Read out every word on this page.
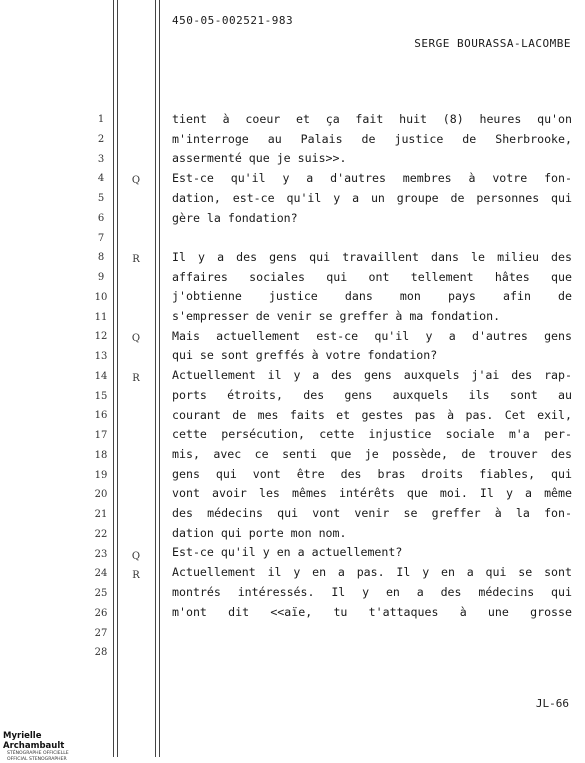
450-05-002521-983
SERGE BOURASSA-LACOMBE
1	tient à coeur et ça fait huit (8) heures qu'on
2	m'interroge au Palais de justice de Sherbrooke,
3	assermenté que je suis>>.
4	Q	Est-ce qu'il y a d'autres membres à votre fon-
5	dation, est-ce qu'il y a un groupe de personnes qui
6	gère la fondation?
7
8	R	Il y a des gens qui travaillent dans le milieu des
9	affaires sociales qui ont tellement hâtes que
10	j'obtienne justice dans mon pays afin de
11	s'empresser de venir se greffer à ma fondation.
12	Q	Mais actuellement est-ce qu'il y a d'autres gens
13	qui se sont greffés à votre fondation?
14	R	Actuellement il y a des gens auxquels j'ai des rap-
15	ports étroits, des gens auxquels ils sont au
16	courant de mes faits et gestes pas à pas. Cet exil,
17	cette persécution, cette injustice sociale m'a per-
18	mis, avec ce senti que je possède, de trouver des
19	gens qui vont être des bras droits fiables, qui
20	vont avoir les mêmes intérêts que moi. Il y a même
21	des médecins qui vont venir se greffer à la fon-
22	dation qui porte mon nom.
23	Q	Est-ce qu'il y en a actuellement?
24	R	Actuellement il y en a pas. Il y en a qui se sont
25	montrés intéressés. Il y en a des médecins qui
26	m'ont dit <<aïe, tu t'attaques à une grosse
27
28
JL-66
Myrielle Archambault
STÉNOGRAPHE OFFICIELLE
OFFICIAL STENOGRAPHER
